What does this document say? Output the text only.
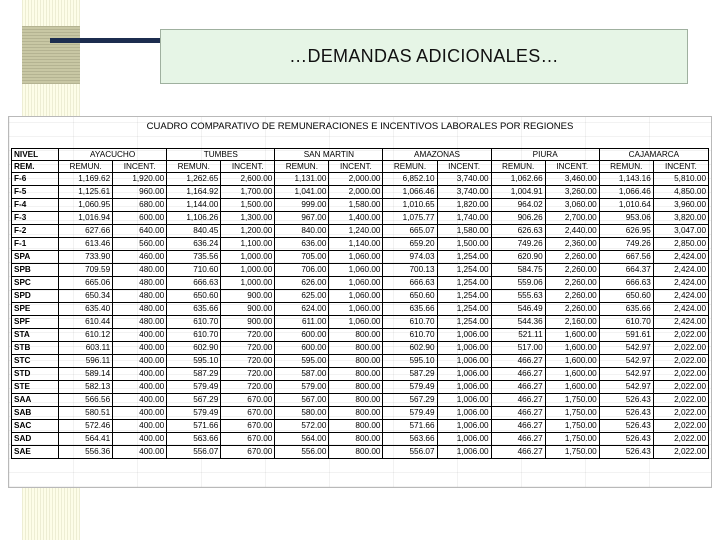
…DEMANDAS ADICIONALES…
CUADRO COMPARATIVO DE REMUNERACIONES E INCENTIVOS LABORALES POR REGIONES
NIVEL	AYACUCHO		TUMBES		SAN MARTIN		AMAZONAS		PIURA		CAJAMARCA	
REM.	REMUN.	INCENT.	REMUN.	INCENT.	REMUN.	INCENT.	REMUN.	INCENT.	REMUN.	INCENT.	REMUN.	INCENT.
F-6	1,169.62	1,920.00	1,262.65	2,600.00	1,131.00	2,000.00	6,852.10	3,740.00	1,062.66	3,460.00	1,143.16	5,810.00
F-5	1,125.61	960.00	1,164.92	1,700.00	1,041.00	2,000.00	1,066.46	3,740.00	1,004.91	3,260.00	1,066.46	4,850.00
F-4	1,060.95	680.00	1,144.00	1,500.00	999.00	1,580.00	1,010.65	1,820.00	964.02	3,060.00	1,010.64	3,960.00
F-3	1,016.94	600.00	1,106.26	1,300.00	967.00	1,400.00	1,075.77	1,740.00	906.26	2,700.00	953.06	3,820.00
F-2	627.66	640.00	840.45	1,200.00	840.00	1,240.00	665.07	1,580.00	626.63	2,440.00	626.95	3,047.00
F-1	613.46	560.00	636.24	1,100.00	636.00	1,140.00	659.20	1,500.00	749.26	2,360.00	749.26	2,850.00
SPA	733.90	460.00	735.56	1,000.00	705.00	1,060.00	974.03	1,254.00	620.90	2,260.00	667.56	2,424.00
SPB	709.59	480.00	710.60	1,000.00	706.00	1,060.00	700.13	1,254.00	584.75	2,260.00	664.37	2,424.00
SPC	665.06	480.00	666.63	1,000.00	626.00	1,060.00	666.63	1,254.00	559.06	2,260.00	666.63	2,424.00
SPD	650.34	480.00	650.60	900.00	625.00	1,060.00	650.60	1,254.00	555.63	2,260.00	650.60	2,424.00
SPE	635.40	480.00	635.66	900.00	624.00	1,060.00	635.66	1,254.00	546.49	2,260.00	635.66	2,424.00
SPF	610.44	480.00	610.70	900.00	611.00	1,060.00	610.70	1,254.00	544.36	2,160.00	610.70	2,424.00
STA	610.12	400.00	610.70	720.00	600.00	800.00	610.70	1,006.00	521.11	1,600.00	591.61	2,022.00
STB	603.11	400.00	602.90	720.00	600.00	800.00	602.90	1,006.00	517.00	1,600.00	542.97	2,022.00
STC	596.11	400.00	595.10	720.00	595.00	800.00	595.10	1,006.00	466.27	1,600.00	542.97	2,022.00
STD	589.14	400.00	587.29	720.00	587.00	800.00	587.29	1,006.00	466.27	1,600.00	542.97	2,022.00
STE	582.13	400.00	579.49	720.00	579.00	800.00	579.49	1,006.00	466.27	1,600.00	542.97	2,022.00
SAA	566.56	400.00	567.29	670.00	567.00	800.00	567.29	1,006.00	466.27	1,750.00	526.43	2,022.00
SAB	580.51	400.00	579.49	670.00	580.00	800.00	579.49	1,006.00	466.27	1,750.00	526.43	2,022.00
SAC	572.46	400.00	571.66	670.00	572.00	800.00	571.66	1,006.00	466.27	1,750.00	526.43	2,022.00
SAD	564.41	400.00	563.66	670.00	564.00	800.00	563.66	1,006.00	466.27	1,750.00	526.43	2,022.00
SAE	556.36	400.00	556.07	670.00	556.00	800.00	556.07	1,006.00	466.27	1,750.00	526.43	2,022.00
